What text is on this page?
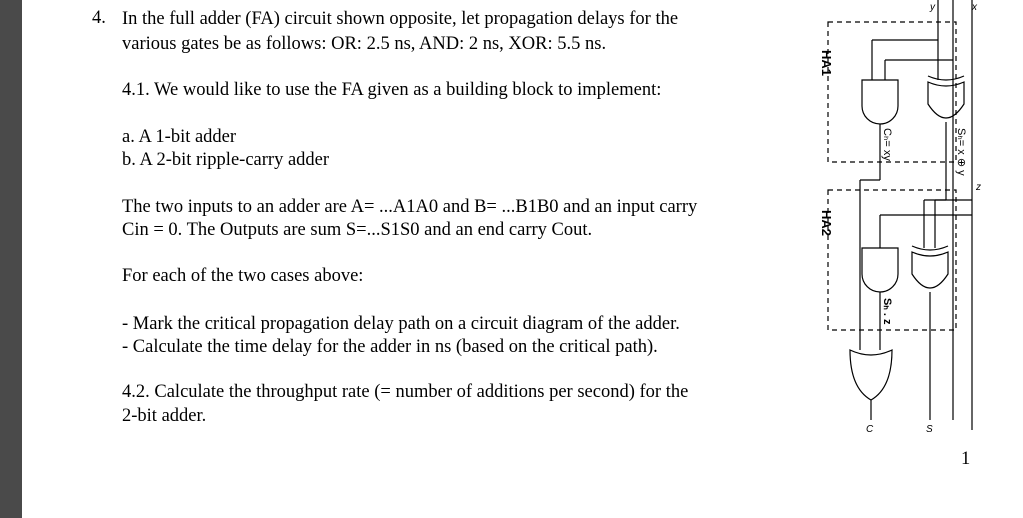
4. In the full adder (FA) circuit shown opposite, let propagation delays for the
various gates be as follows: OR: 2.5 ns, AND: 2 ns, XOR: 5.5 ns.
4.1. We would like to use the FA given as a building block to implement:
a. A 1-bit adder
b. A 2-bit ripple-carry adder
The two inputs to an adder are A= ...A1A0 and B= ...B1B0 and an input carry
Cin = 0. The Outputs are sum S=...S1S0 and an end carry Cout.
For each of the two cases above:
- Mark the critical propagation delay path on a circuit diagram of the adder.
- Calculate the time delay for the adder in ns (based on the critical path).
4.2. Calculate the throughput rate (= number of additions per second) for the
2-bit adder.
1
HA1
HA2
Cₕ= xy	Sₕ= x ⊕ y
Sₕ . z
x
y
z
C	S
